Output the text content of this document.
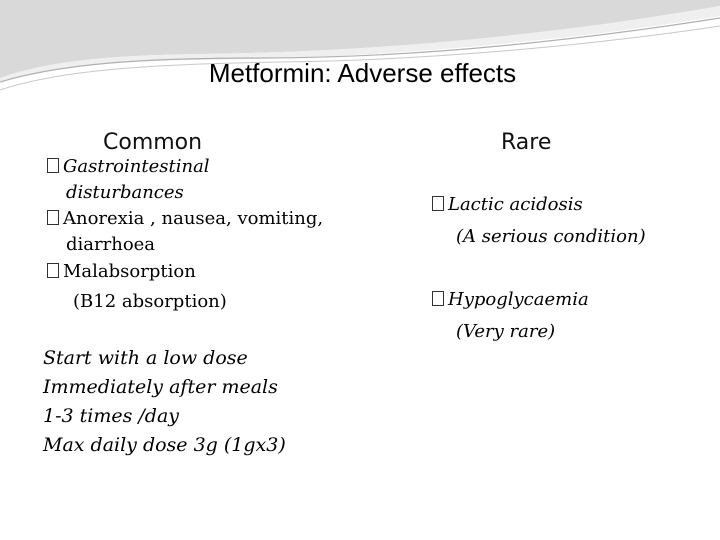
Metformin: Adverse effects
Common	Rare
Gastrointestinal
disturbances
Anorexia , nausea, vomiting,
diarrhoea
Malabsorption
(B12 absorption)
Lactic acidosis
(A serious condition)
Hypoglycaemia
(Very rare)
Start with a low dose
Immediately after meals
1-3 times /day
Max daily dose 3g (1gx3)
